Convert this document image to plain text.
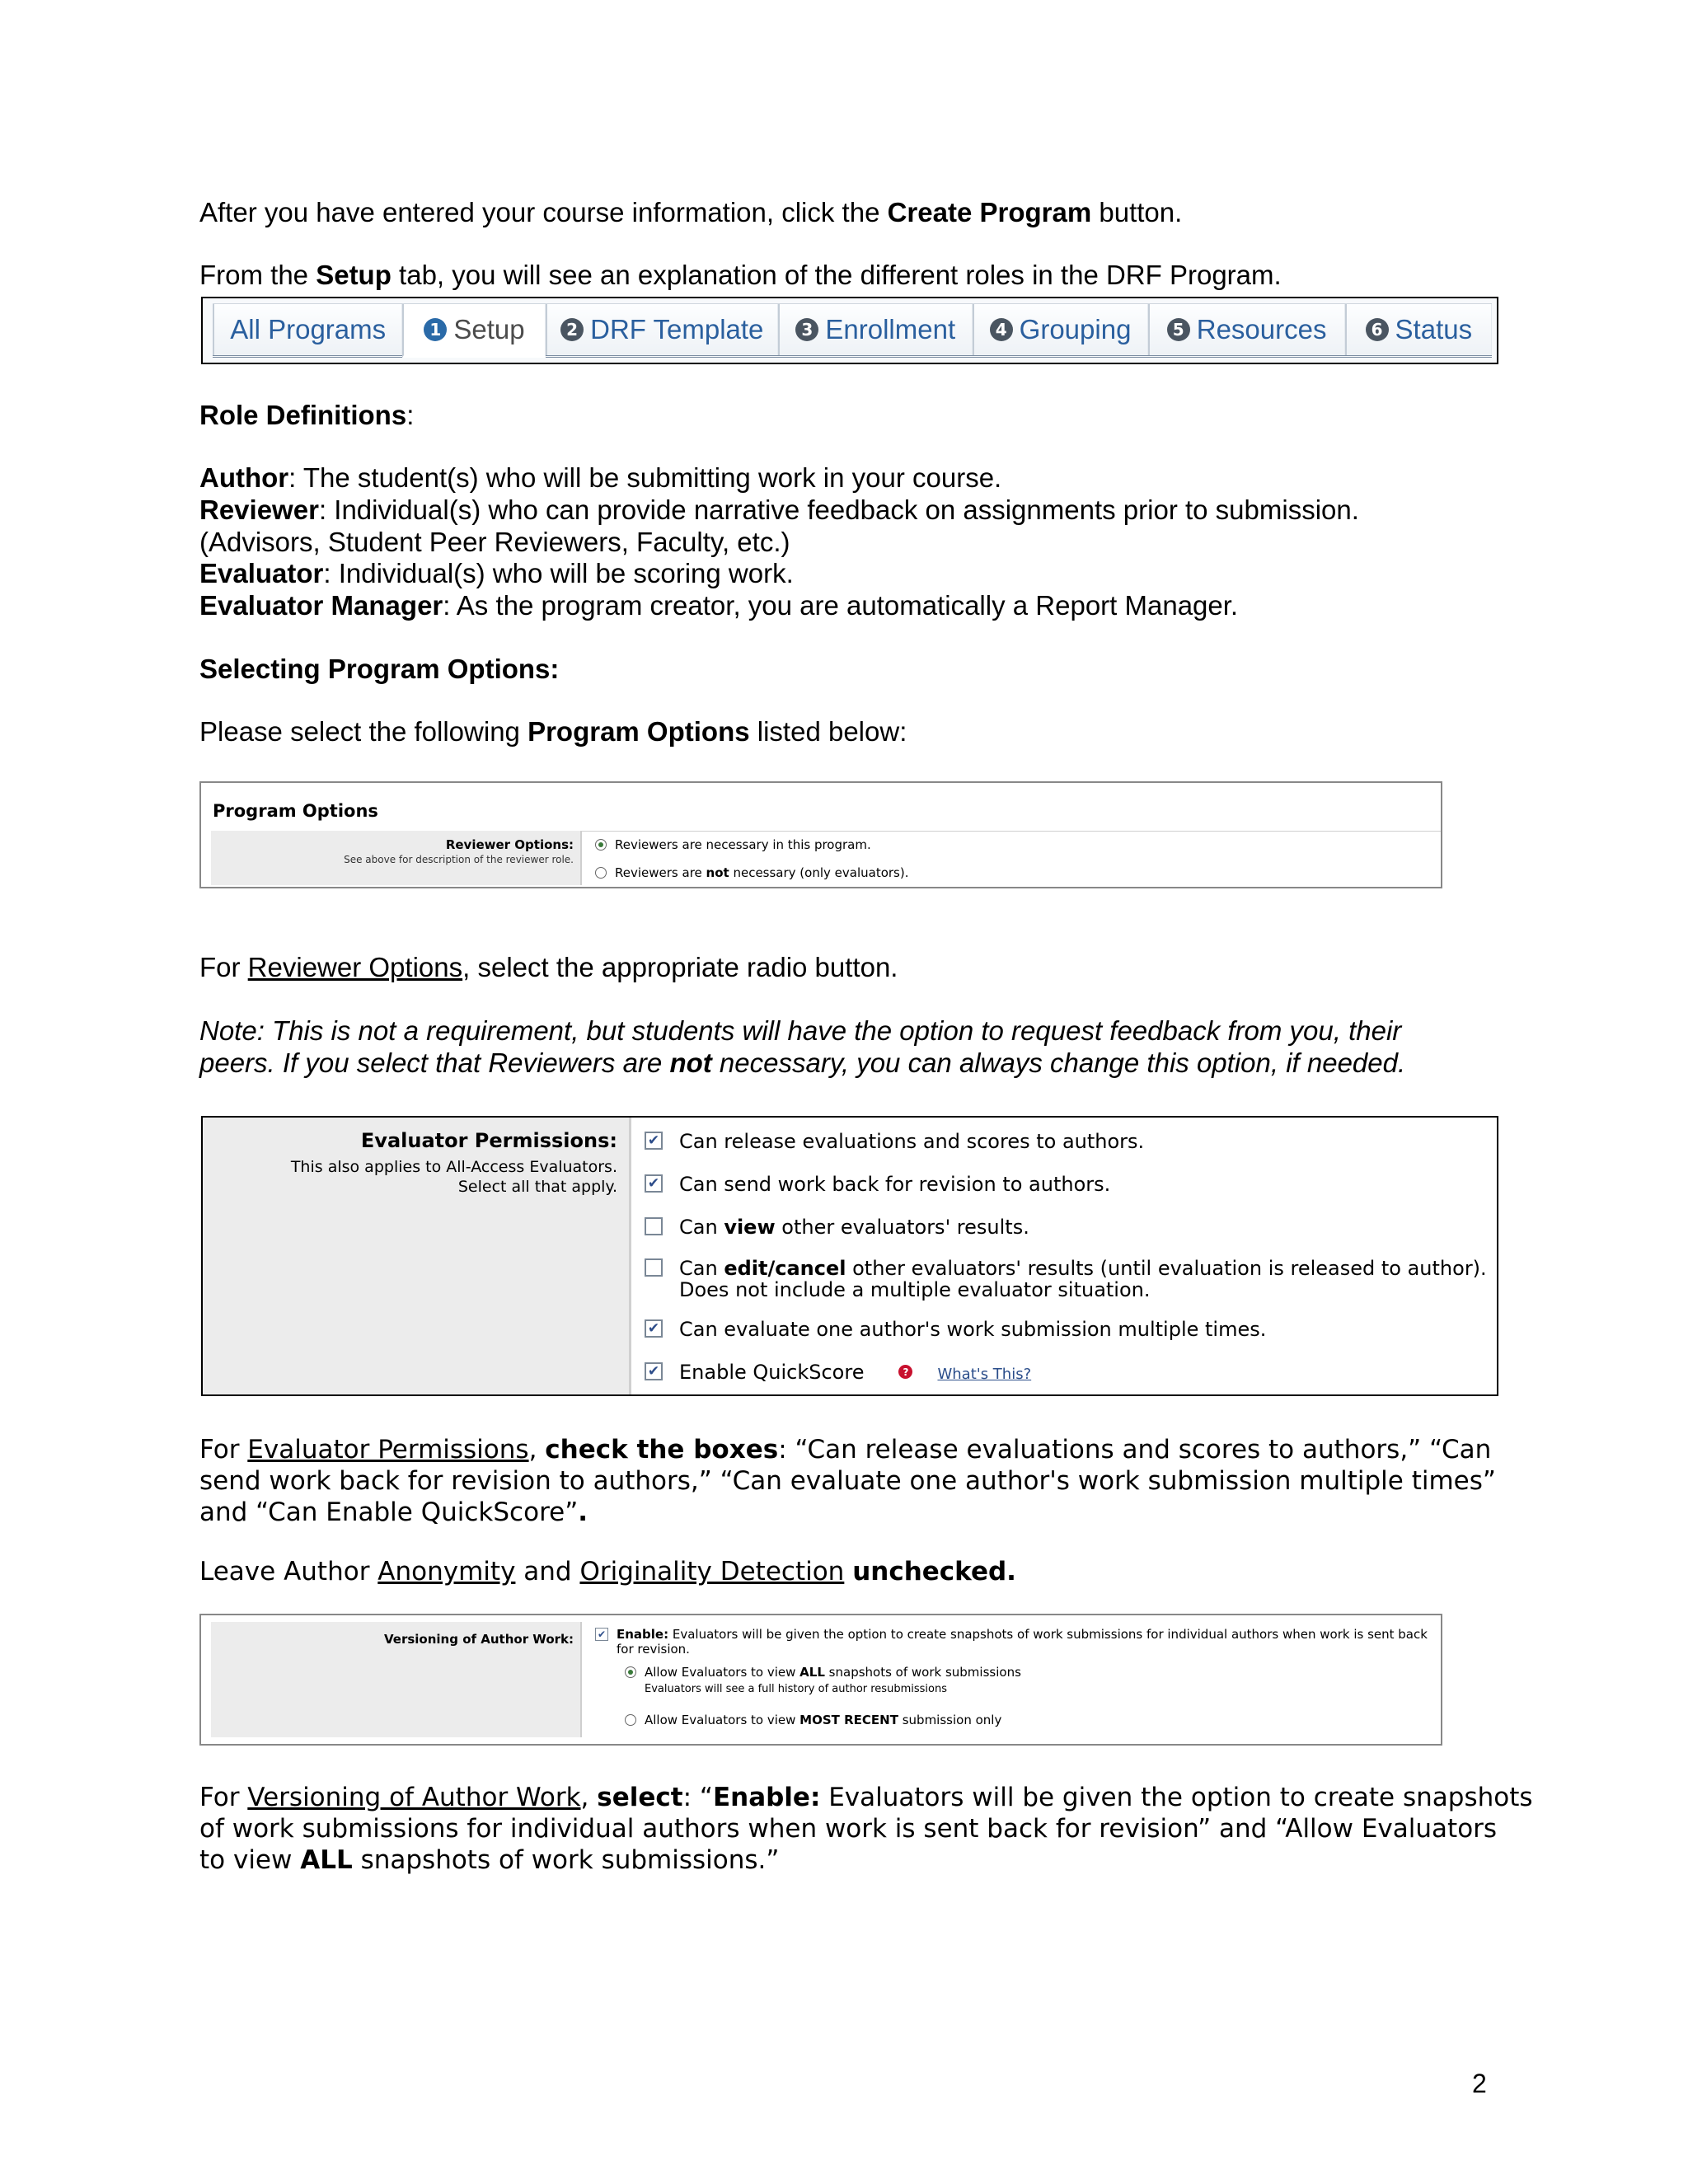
After you have entered your course information, click the Create Program button.

From the Setup tab, you will see an explanation of the different roles in the DRF Program.

All Programs	1 Setup	2 DRF Template	3 Enrollment	4 Grouping	5 Resources	6 Status

Role Definitions:

Author: The student(s) who will be submitting work in your course.

Reviewer: Individual(s) who can provide narrative feedback on assignments prior to submission.

(Advisors, Student Peer Reviewers, Faculty, etc.)

Evaluator: Individual(s) who will be scoring work.

Evaluator Manager: As the program creator, you are automatically a Report Manager.

Selecting Program Options:

Please select the following Program Options listed below:

Program Options
Reviewer Options:
See above for description of the reviewer role.
Reviewers are necessary in this program.
Reviewers are not necessary (only evaluators).

For Reviewer Options, select the appropriate radio button.

Note: This is not a requirement, but students will have the option to request feedback from you, their

peers. If you select that Reviewers are not necessary, you can always change this option, if needed.

Evaluator Permissions:
This also applies to All-Access Evaluators.
Select all that apply.
✔
Can release evaluations and scores to authors.
✔
Can send work back for revision to authors.
Can view other evaluators' results.
Can edit/cancel other evaluators' results (until evaluation is released to author).
Does not include a multiple evaluator situation.
✔
Can evaluate one author's work submission multiple times.
✔
Enable QuickScore	? What's This?

For Evaluator Permissions, check the boxes: “Can release evaluations and scores to authors,” “Can

send work back for revision to authors,” “Can evaluate one author's work submission multiple times”

and “Can Enable QuickScore”.

Leave Author Anonymity and Originality Detection unchecked.

Versioning of Author Work:
✔	Enable: Evaluators will be given the option to create snapshots of work submissions for individual authors when work is sent back
for revision.
Allow Evaluators to view ALL snapshots of work submissions
Evaluators will see a full history of author resubmissions
Allow Evaluators to view MOST RECENT submission only

For Versioning of Author Work, select: “Enable: Evaluators will be given the option to create snapshots

of work submissions for individual authors when work is sent back for revision” and “Allow Evaluators

to view ALL snapshots of work submissions.”

2
